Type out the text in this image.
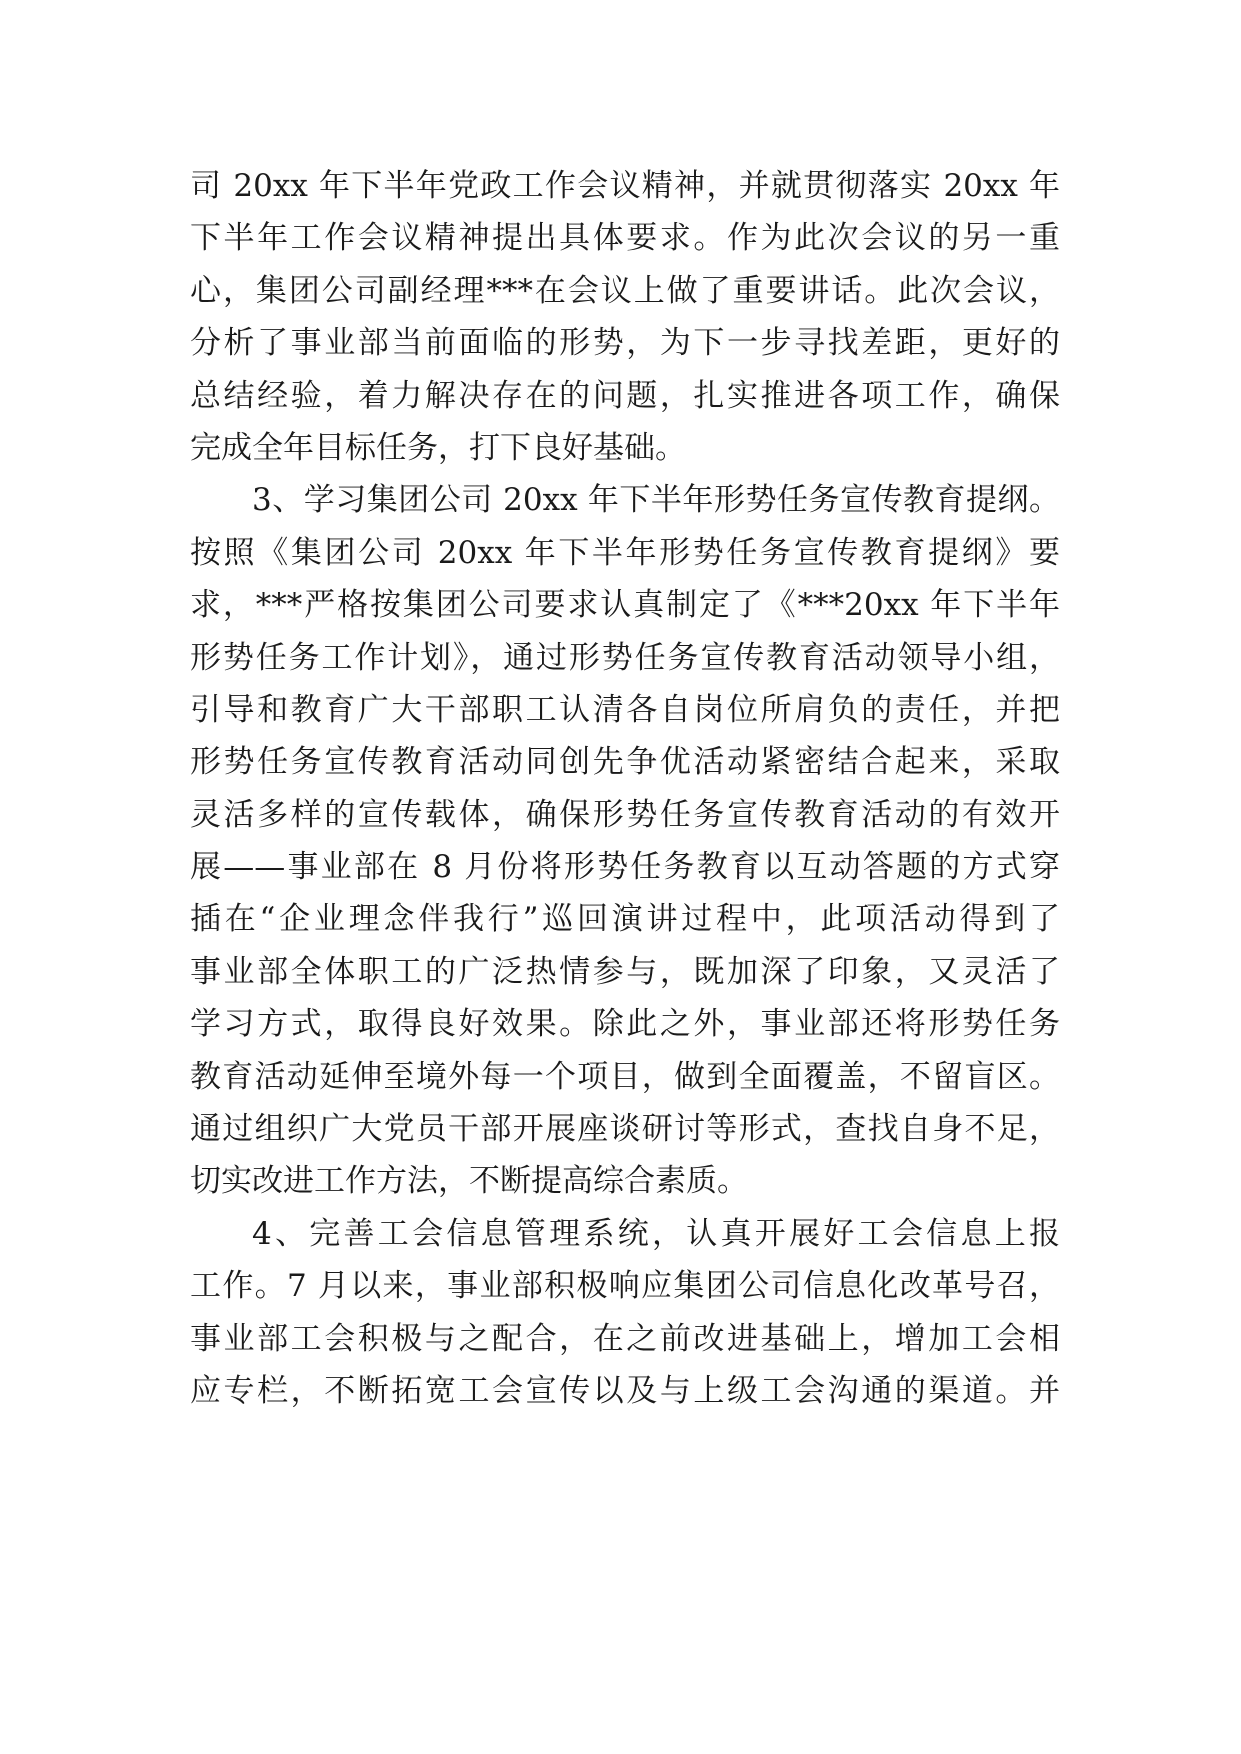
司 20xx 年下半年党政工作会议精神，并就贯彻落实 20xx 年
下半年工作会议精神提出具体要求。作为此次会议的另一重
心，集团公司副经理***在会议上做了重要讲话。此次会议，
分析了事业部当前面临的形势，为下一步寻找差距，更好的
总结经验，着力解决存在的问题，扎实推进各项工作，确保
完成全年目标任务，打下良好基础。
3、学习集团公司 20xx 年下半年形势任务宣传教育提纲。
按照《集团公司 20xx 年下半年形势任务宣传教育提纲》要
求，***严格按集团公司要求认真制定了《***20xx 年下半年
形势任务工作计划》，通过形势任务宣传教育活动领导小组，
引导和教育广大干部职工认清各自岗位所肩负的责任，并把
形势任务宣传教育活动同创先争优活动紧密结合起来，采取
灵活多样的宣传载体，确保形势任务宣传教育活动的有效开
展——事业部在 8 月份将形势任务教育以互动答题的方式穿
插在“企业理念伴我行”巡回演讲过程中，此项活动得到了
事业部全体职工的广泛热情参与，既加深了印象，又灵活了
学习方式，取得良好效果。除此之外，事业部还将形势任务
教育活动延伸至境外每一个项目，做到全面覆盖，不留盲区。
通过组织广大党员干部开展座谈研讨等形式，查找自身不足，
切实改进工作方法，不断提高综合素质。
4、完善工会信息管理系统，认真开展好工会信息上报
工作。7 月以来，事业部积极响应集团公司信息化改革号召，
事业部工会积极与之配合，在之前改进基础上，增加工会相
应专栏，不断拓宽工会宣传以及与上级工会沟通的渠道。并
